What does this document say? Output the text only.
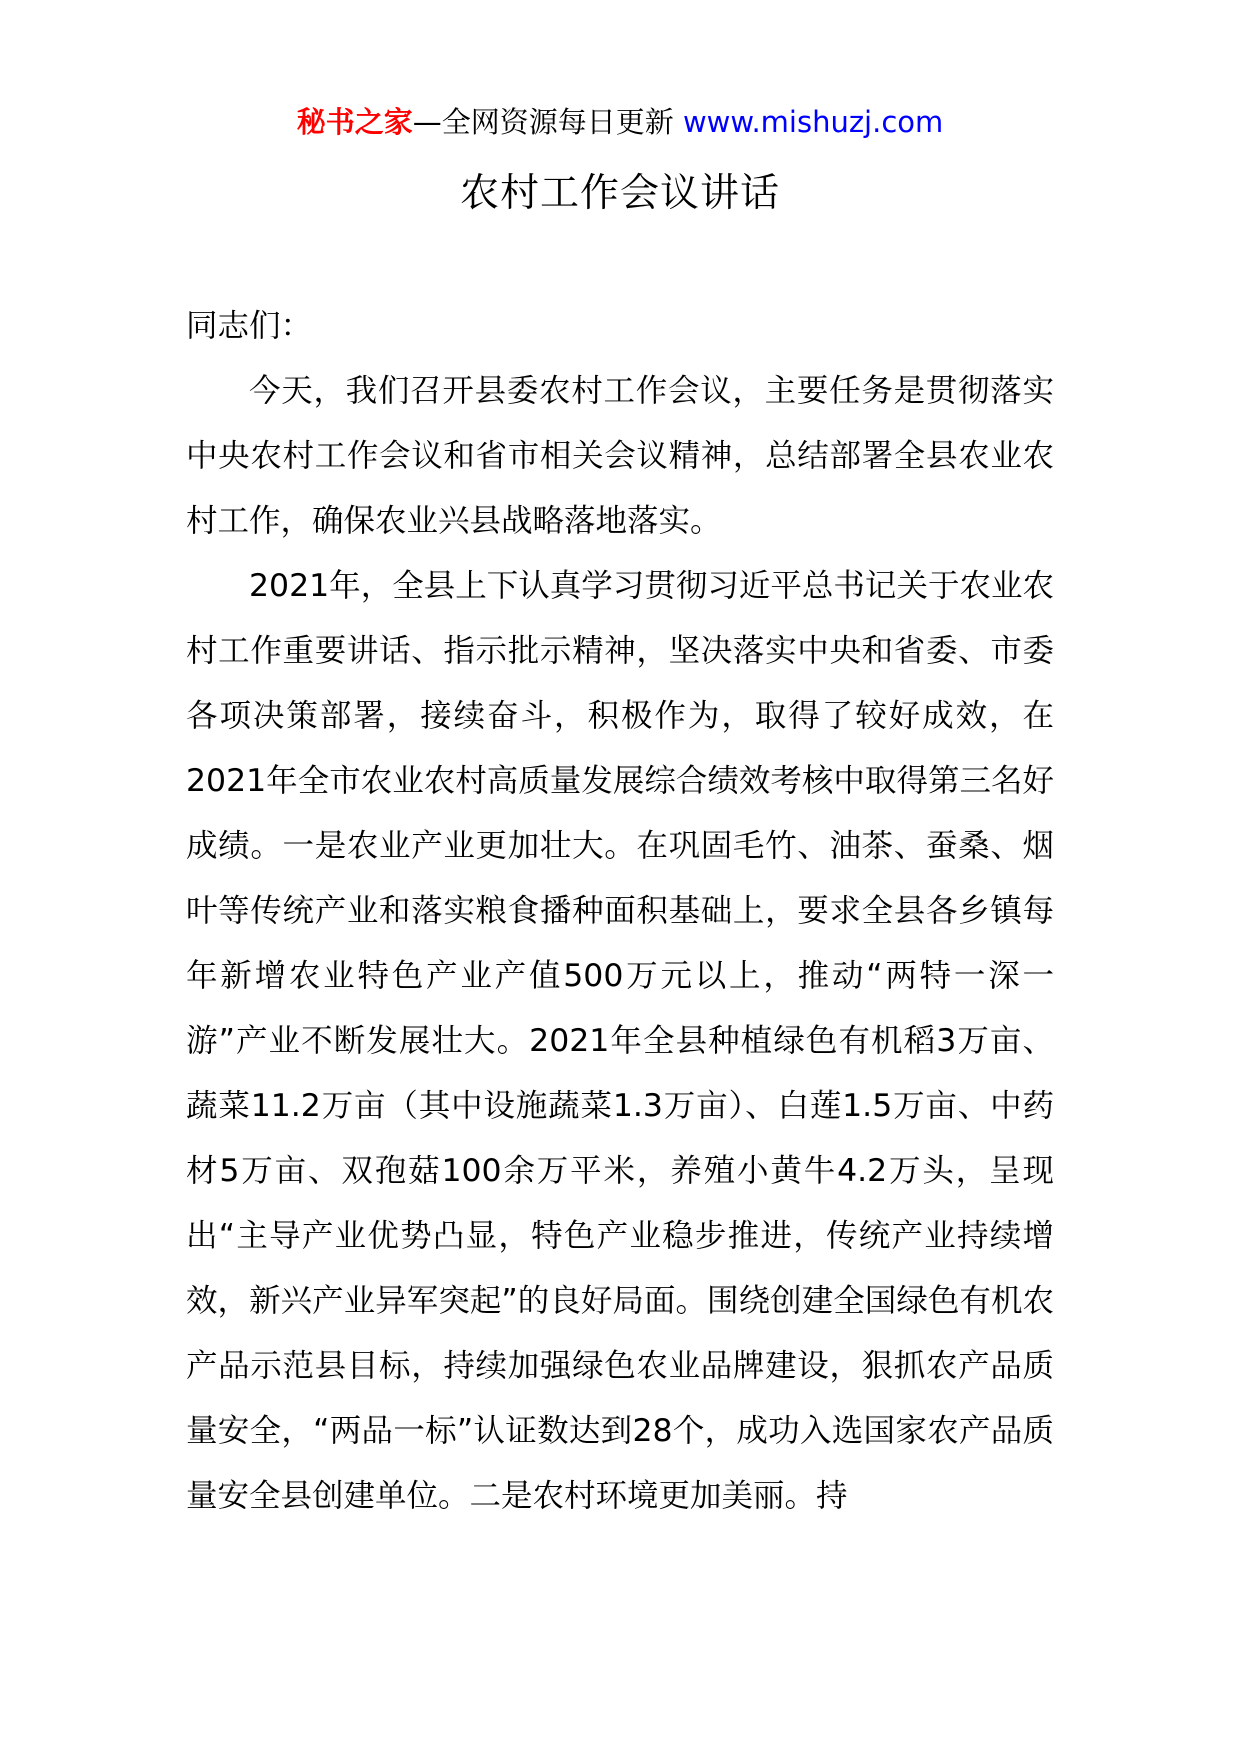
秘书之家—全网资源每日更新 www.mishuzj.com
农村工作会议讲话

同志们：

今天，我们召开县委农村工作会议，主要任务是贯彻落实中央农村工作会议和省市相关会议精神，总结部署全县农业农村工作，确保农业兴县战略落地落实。

2021年，全县上下认真学习贯彻习近平总书记关于农业农村工作重要讲话、指示批示精神，坚决落实中央和省委、市委各项决策部署，接续奋斗，积极作为，取得了较好成效，在2021年全市农业农村高质量发展综合绩效考核中取得第三名好成绩。一是农业产业更加壮大。在巩固毛竹、油茶、蚕桑、烟叶等传统产业和落实粮食播种面积基础上，要求全县各乡镇每年新增农业特色产业产值500万元以上，推动“两特一深一游”产业不断发展壮大。2021年全县种植绿色有机稻3万亩、蔬菜11.2万亩（其中设施蔬菜1.3万亩）、白莲1.5万亩、中药材5万亩、双孢菇100余万平米，养殖小黄牛4.2万头，呈现出“主导产业优势凸显，特色产业稳步推进，传统产业持续增效，新兴产业异军突起”的良好局面。围绕创建全国绿色有机农产品示范县目标，持续加强绿色农业品牌建设，狠抓农产品质量安全，“两品一标”认证数达到28个，成功入选国家农产品质量安全县创建单位。二是农村环境更加美丽。持
